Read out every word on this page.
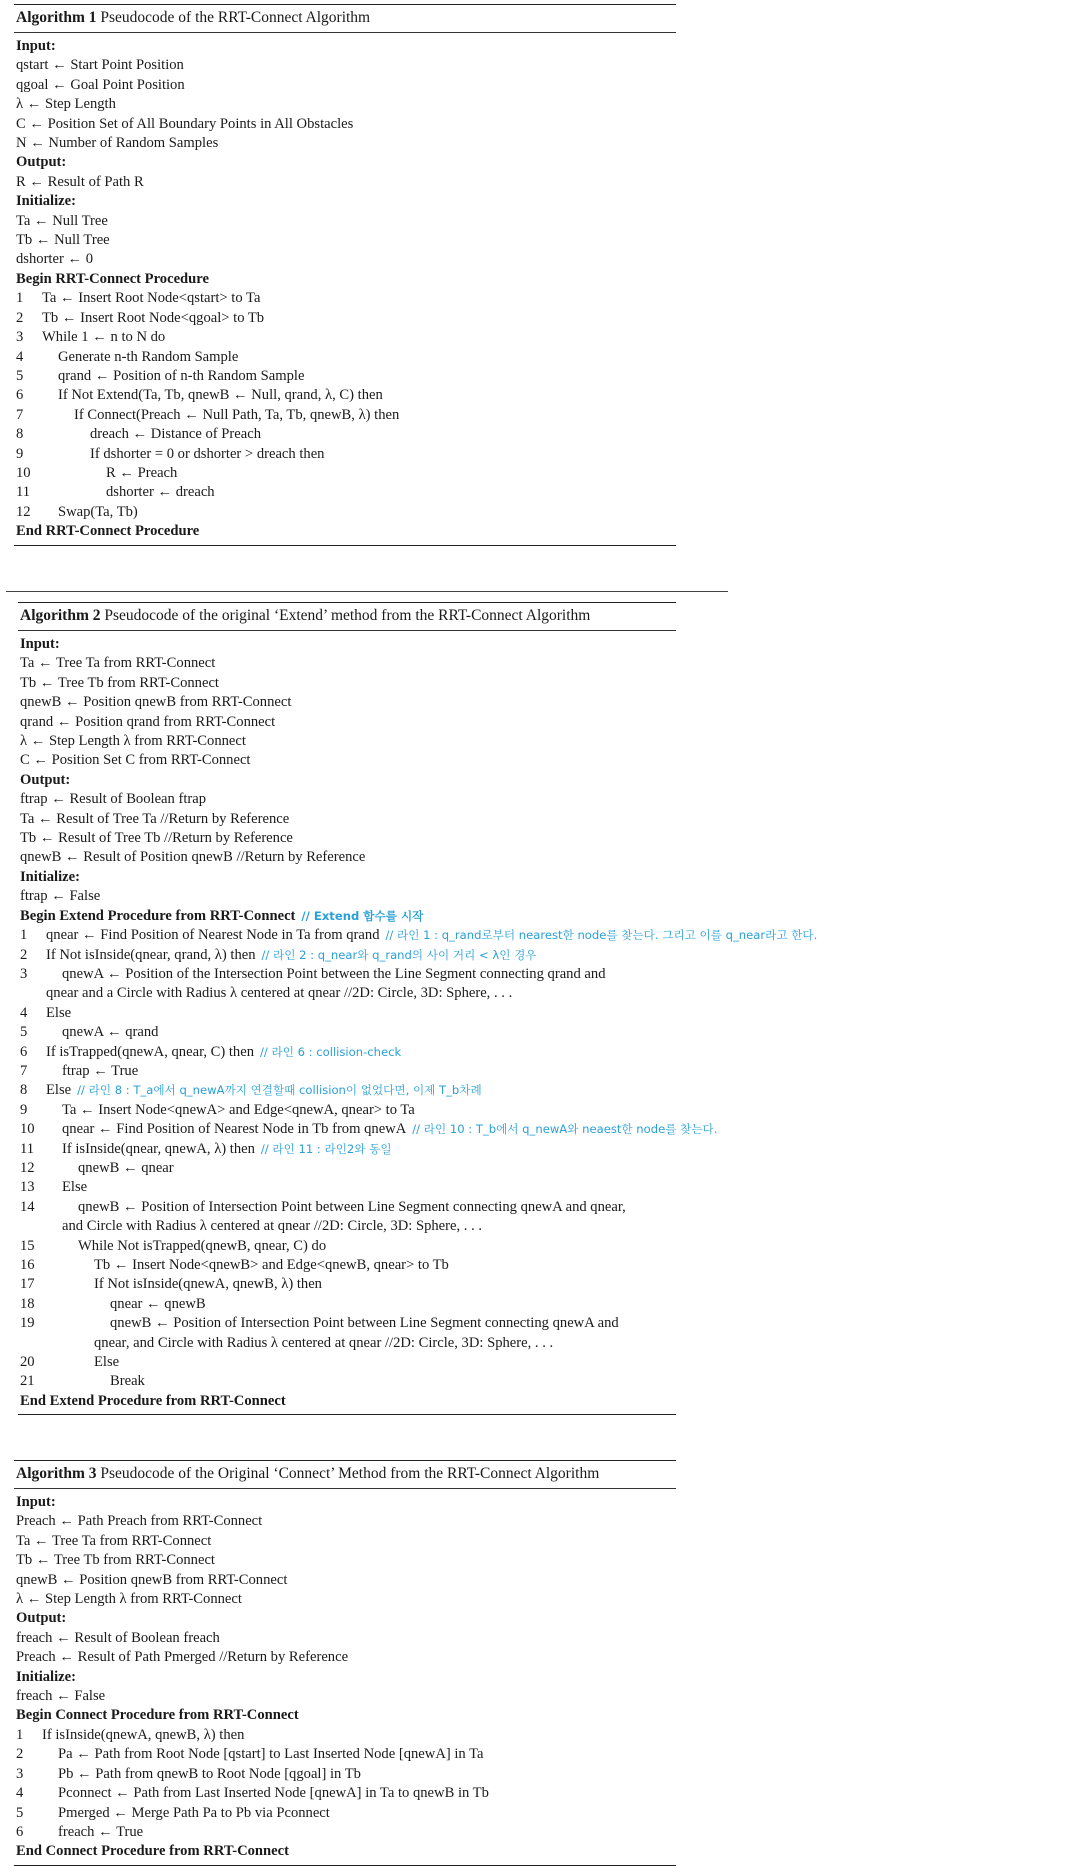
Algorithm 1 Pseudocode of the RRT-Connect Algorithm
Input:
qstart ← Start Point Position
qgoal ← Goal Point Position
λ ← Step Length
C ← Position Set of All Boundary Points in All Obstacles
N ← Number of Random Samples
Output:
R ← Result of Path R
Initialize:
Ta ← Null Tree
Tb ← Null Tree
dshorter ← 0
Begin RRT-Connect Procedure
1 Ta ← Insert Root Node<qstart> to Ta
2 Tb ← Insert Root Node<qgoal> to Tb
3 While 1 ← n to N do
4 Generate n-th Random Sample
5 qrand ← Position of n-th Random Sample
6 If Not Extend(Ta, Tb, qnewB ← Null, qrand, λ, C) then
7	If Connect(Preach ← Null Path, Ta, Tb, qnewB, λ) then
8	dreach ← Distance of Preach
9	If dshorter = 0 or dshorter > dreach then
10	R ← Preach
11	dshorter ← dreach
12 Swap(Ta, Tb)
End RRT-Connect Procedure
Algorithm 2 Pseudocode of the original ‘Extend’ method from the RRT-Connect Algorithm
Input:
Ta ← Tree Ta from RRT-Connect
Tb ← Tree Tb from RRT-Connect
qnewB ← Position qnewB from RRT-Connect
qrand ← Position qrand from RRT-Connect
λ ← Step Length λ from RRT-Connect
C ← Position Set C from RRT-Connect
Output:
ftrap ← Result of Boolean ftrap
Ta ← Result of Tree Ta //Return by Reference
Tb ← Result of Tree Tb //Return by Reference
qnewB ← Result of Position qnewB //Return by Reference
Initialize:
ftrap ← False
Begin Extend Procedure from RRT-Connect // Extend 함수를 시작
1 qnear ← Find Position of Nearest Node in Ta from qrand // 라인 1 : q_rand로부터 nearest한 node를 찾는다. 그리고 이를 q_near라고 한다.
2 If Not isInside(qnear, qrand, λ) then // 라인 2 : q_near와 q_rand의 사이 거리 < λ인 경우
3 qnewA ← Position of the Intersection Point between the Line Segment connecting qrand and
qnear and a Circle with Radius λ centered at qnear //2D: Circle, 3D: Sphere, . . .
4 Else
5 qnewA ← qrand
6 If isTrapped(qnewA, qnear, C) then // 라인 6 : collision-check
7 ftrap ← True
8 Else // 라인 8 : T_a에서 q_newA까지 연결할때 collision이 없었다면, 이제 T_b차례
9 Ta ← Insert Node<qnewA> and Edge<qnewA, qnear> to Ta
10 qnear ← Find Position of Nearest Node in Tb from qnewA // 라인 10 : T_b에서 q_newA와 neaest한 node를 찾는다.
11 If isInside(qnear, qnewA, λ) then // 라인 11 : 라인2와 동일
12	qnewB ← qnear
13 Else
14	qnewB ← Position of Intersection Point between Line Segment connecting qnewA and qnear,
and Circle with Radius λ centered at qnear //2D: Circle, 3D: Sphere, . . .
15	While Not isTrapped(qnewB, qnear, C) do
16	Tb ← Insert Node<qnewB> and Edge<qnewB, qnear> to Tb
17	If Not isInside(qnewA, qnewB, λ) then
18	qnear ← qnewB
19	qnewB ← Position of Intersection Point between Line Segment connecting qnewA and
qnear, and Circle with Radius λ centered at qnear //2D: Circle, 3D: Sphere, . . .
20	Else
21	Break
End Extend Procedure from RRT-Connect
Algorithm 3 Pseudocode of the Original ‘Connect’ Method from the RRT-Connect Algorithm
Input:
Preach ← Path Preach from RRT-Connect
Ta ← Tree Ta from RRT-Connect
Tb ← Tree Tb from RRT-Connect
qnewB ← Position qnewB from RRT-Connect
λ ← Step Length λ from RRT-Connect
Output:
freach ← Result of Boolean freach
Preach ← Result of Path Pmerged //Return by Reference
Initialize:
freach ← False
Begin Connect Procedure from RRT-Connect
1 If isInside(qnewA, qnewB, λ) then
2 Pa ← Path from Root Node [qstart] to Last Inserted Node [qnewA] in Ta
3 Pb ← Path from qnewB to Root Node [qgoal] in Tb
4 Pconnect ← Path from Last Inserted Node [qnewA] in Ta to qnewB in Tb
5 Pmerged ← Merge Path Pa to Pb via Pconnect
6 freach ← True
End Connect Procedure from RRT-Connect
